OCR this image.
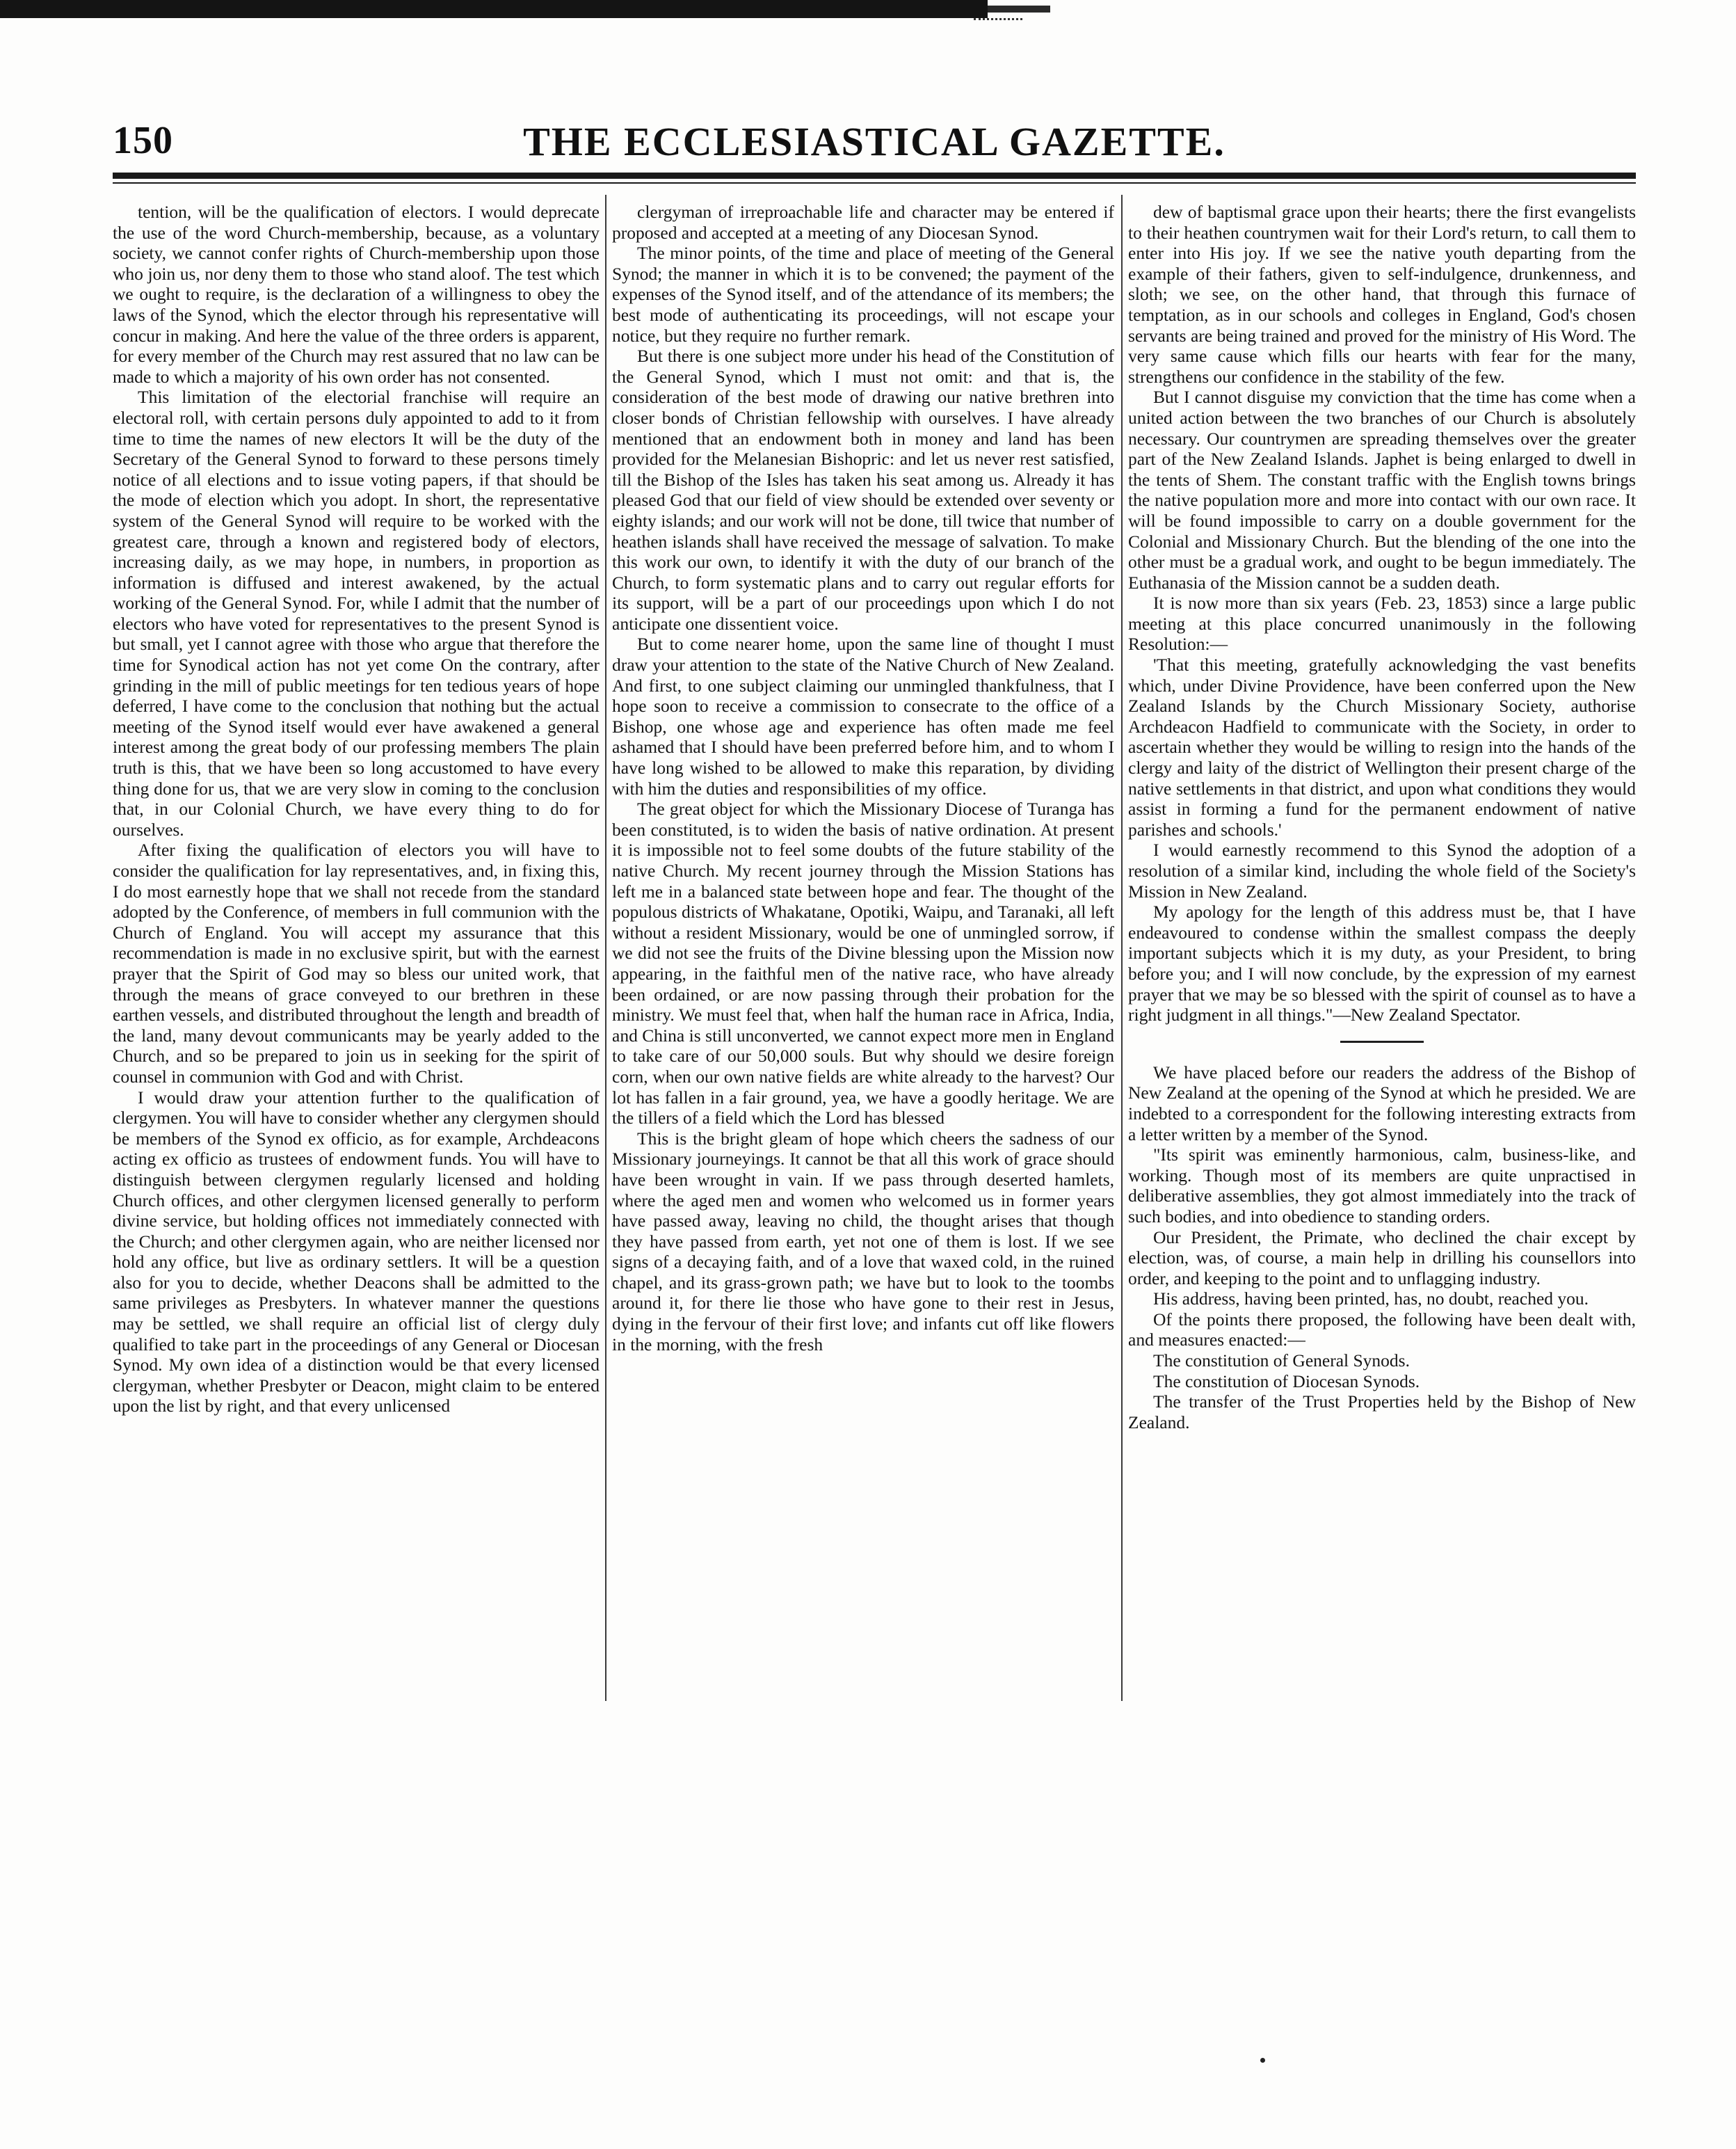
150	THE ECCLESIASTICAL GAZETTE.

tention, will be the qualification of electors. I would deprecate the use of the word Church-membership, because, as a voluntary society, we cannot confer rights of Church-membership upon those who join us, nor deny them to those who stand aloof. The test which we ought to require, is the declaration of a willingness to obey the laws of the Synod, which the elector through his representative will concur in making. And here the value of the three orders is apparent, for every member of the Church may rest assured that no law can be made to which a majority of his own order has not consented.

This limitation of the electorial franchise will require an electoral roll, with certain persons duly appointed to add to it from time to time the names of new electors It will be the duty of the Secretary of the General Synod to forward to these persons timely notice of all elections and to issue voting papers, if that should be the mode of election which you adopt. In short, the representative system of the General Synod will require to be worked with the greatest care, through a known and registered body of electors, increasing daily, as we may hope, in numbers, in proportion as information is diffused and interest awakened, by the actual working of the General Synod. For, while I admit that the number of electors who have voted for representatives to the present Synod is but small, yet I cannot agree with those who argue that therefore the time for Synodical action has not yet come On the contrary, after grinding in the mill of public meetings for ten tedious years of hope deferred, I have come to the conclusion that nothing but the actual meeting of the Synod itself would ever have awakened a general interest among the great body of our professing members The plain truth is this, that we have been so long accustomed to have every thing done for us, that we are very slow in coming to the conclusion that, in our Colonial Church, we have every thing to do for ourselves.

After fixing the qualification of electors you will have to consider the qualification for lay representatives, and, in fixing this, I do most earnestly hope that we shall not recede from the standard adopted by the Conference, of members in full communion with the Church of England. You will accept my assurance that this recommendation is made in no exclusive spirit, but with the earnest prayer that the Spirit of God may so bless our united work, that through the means of grace conveyed to our brethren in these earthen vessels, and distributed throughout the length and breadth of the land, many devout communicants may be yearly added to the Church, and so be prepared to join us in seeking for the spirit of counsel in communion with God and with Christ.

I would draw your attention further to the qualification of clergymen. You will have to consider whether any clergymen should be members of the Synod ex officio, as for example, Archdeacons acting ex officio as trustees of endowment funds. You will have to distinguish between clergymen regularly licensed and holding Church offices, and other clergymen licensed generally to perform divine service, but holding offices not immediately connected with the Church; and other clergymen again, who are neither licensed nor hold any office, but live as ordinary settlers. It will be a question also for you to decide, whether Deacons shall be admitted to the same privileges as Presbyters. In whatever manner the questions may be settled, we shall require an official list of clergy duly qualified to take part in the proceedings of any General or Diocesan Synod. My own idea of a distinction would be that every licensed clergyman, whether Presbyter or Deacon, might claim to be entered upon the list by right, and that every unlicensed

clergyman of irreproachable life and character may be entered if proposed and accepted at a meeting of any Diocesan Synod.

The minor points, of the time and place of meeting of the General Synod; the manner in which it is to be convened; the payment of the expenses of the Synod itself, and of the attendance of its members; the best mode of authenticating its proceedings, will not escape your notice, but they require no further remark.

But there is one subject more under his head of the Constitution of the General Synod, which I must not omit: and that is, the consideration of the best mode of drawing our native brethren into closer bonds of Christian fellowship with ourselves. I have already mentioned that an endowment both in money and land has been provided for the Melanesian Bishopric: and let us never rest satisfied, till the Bishop of the Isles has taken his seat among us. Already it has pleased God that our field of view should be extended over seventy or eighty islands; and our work will not be done, till twice that number of heathen islands shall have received the message of salvation. To make this work our own, to identify it with the duty of our branch of the Church, to form systematic plans and to carry out regular efforts for its support, will be a part of our proceedings upon which I do not anticipate one dissentient voice.

But to come nearer home, upon the same line of thought I must draw your attention to the state of the Native Church of New Zealand. And first, to one subject claiming our unmingled thankfulness, that I hope soon to receive a commission to consecrate to the office of a Bishop, one whose age and experience has often made me feel ashamed that I should have been preferred before him, and to whom I have long wished to be allowed to make this reparation, by dividing with him the duties and responsibilities of my office.

The great object for which the Missionary Diocese of Turanga has been constituted, is to widen the basis of native ordination. At present it is impossible not to feel some doubts of the future stability of the native Church. My recent journey through the Mission Stations has left me in a balanced state between hope and fear. The thought of the populous districts of Whakatane, Opotiki, Waipu, and Taranaki, all left without a resident Missionary, would be one of unmingled sorrow, if we did not see the fruits of the Divine blessing upon the Mission now appearing, in the faithful men of the native race, who have already been ordained, or are now passing through their probation for the ministry. We must feel that, when half the human race in Africa, India, and China is still unconverted, we cannot expect more men in England to take care of our 50,000 souls. But why should we desire foreign corn, when our own native fields are white already to the harvest? Our lot has fallen in a fair ground, yea, we have a goodly heritage. We are the tillers of a field which the Lord has blessed

This is the bright gleam of hope which cheers the sadness of our Missionary journeyings. It cannot be that all this work of grace should have been wrought in vain. If we pass through deserted hamlets, where the aged men and women who welcomed us in former years have passed away, leaving no child, the thought arises that though they have passed from earth, yet not one of them is lost. If we see signs of a decaying faith, and of a love that waxed cold, in the ruined chapel, and its grass-grown path; we have but to look to the toombs around it, for there lie those who have gone to their rest in Jesus, dying in the fervour of their first love; and infants cut off like flowers in the morning, with the fresh

dew of baptismal grace upon their hearts; there the first evangelists to their heathen countrymen wait for their Lord's return, to call them to enter into His joy. If we see the native youth departing from the example of their fathers, given to self-indulgence, drunkenness, and sloth; we see, on the other hand, that through this furnace of temptation, as in our schools and colleges in England, God's chosen servants are being trained and proved for the ministry of His Word. The very same cause which fills our hearts with fear for the many, strengthens our confidence in the stability of the few.

But I cannot disguise my conviction that the time has come when a united action between the two branches of our Church is absolutely necessary. Our countrymen are spreading themselves over the greater part of the New Zealand Islands. Japhet is being enlarged to dwell in the tents of Shem. The constant traffic with the English towns brings the native population more and more into contact with our own race. It will be found impossible to carry on a double government for the Colonial and Missionary Church. But the blending of the one into the other must be a gradual work, and ought to be begun immediately. The Euthanasia of the Mission cannot be a sudden death.

It is now more than six years (Feb. 23, 1853) since a large public meeting at this place concurred unanimously in the following Resolution:—

'That this meeting, gratefully acknowledging the vast benefits which, under Divine Providence, have been conferred upon the New Zealand Islands by the Church Missionary Society, authorise Archdeacon Hadfield to communicate with the Society, in order to ascertain whether they would be willing to resign into the hands of the clergy and laity of the district of Wellington their present charge of the native settlements in that district, and upon what conditions they would assist in forming a fund for the permanent endowment of native parishes and schools.'

I would earnestly recommend to this Synod the adoption of a resolution of a similar kind, including the whole field of the Society's Mission in New Zealand.

My apology for the length of this address must be, that I have endeavoured to condense within the smallest compass the deeply important subjects which it is my duty, as your President, to bring before you; and I will now conclude, by the expression of my earnest prayer that we may be so blessed with the spirit of counsel as to have a right judgment in all things."—New Zealand Spectator.

We have placed before our readers the address of the Bishop of New Zealand at the opening of the Synod at which he presided. We are indebted to a correspondent for the following interesting extracts from a letter written by a member of the Synod.

"Its spirit was eminently harmonious, calm, business-like, and working. Though most of its members are quite unpractised in deliberative assemblies, they got almost immediately into the track of such bodies, and into obedience to standing orders.

Our President, the Primate, who declined the chair except by election, was, of course, a main help in drilling his counsellors into order, and keeping to the point and to unflagging industry.

His address, having been printed, has, no doubt, reached you.

Of the points there proposed, the following have been dealt with, and measures enacted:—

The constitution of General Synods.

The constitution of Diocesan Synods.

The transfer of the Trust Properties held by the Bishop of New Zealand.
